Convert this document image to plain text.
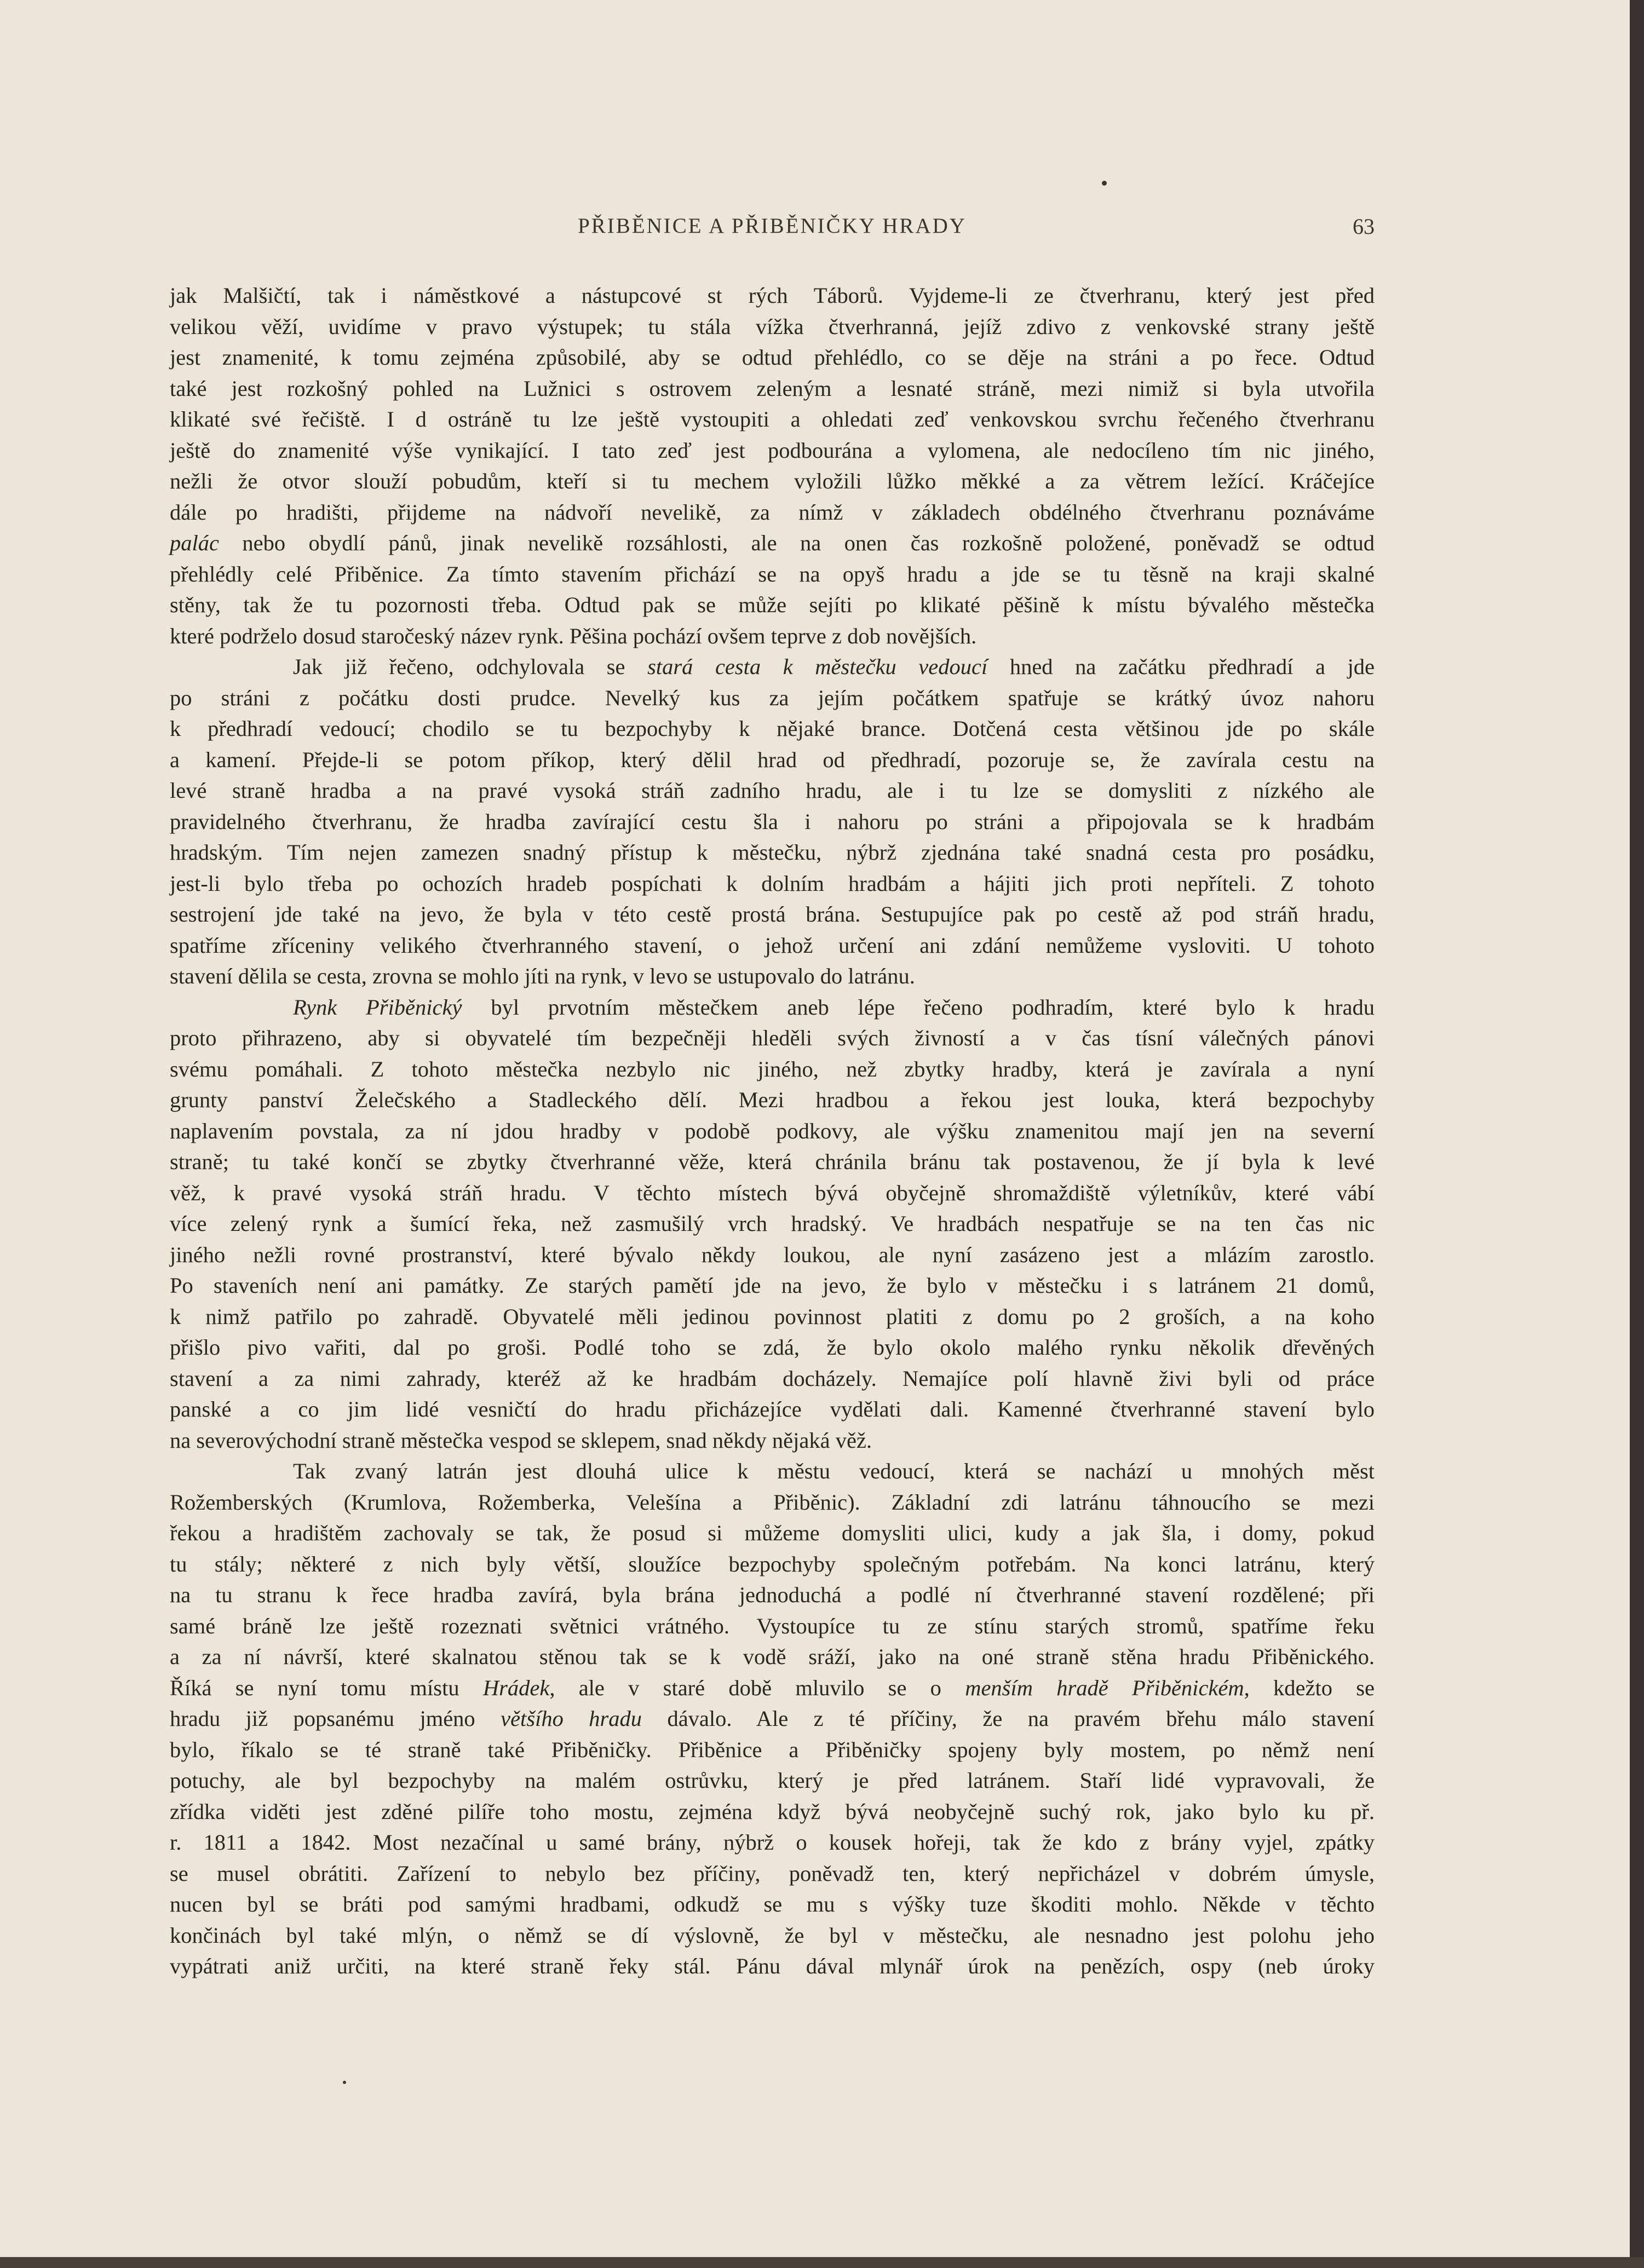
PŘIBĚNICE A PŘIBĚNIČKY HRADY	63

jak Malšičtí, tak i náměstkové a nástupcové st rých Táborů. Vyjdeme-li ze čtverhranu, který jest před
velikou věží, uvidíme v pravo výstupek; tu stála vížka čtverhranná, jejíž zdivo z venkovské strany ještě
jest znamenité, k tomu zejména způsobilé, aby se odtud přehlédlo, co se děje na stráni a po řece. Odtud
také jest rozkošný pohled na Lužnici s ostrovem zeleným a lesnaté stráně, mezi nimiž si byla utvořila
klikaté své řečiště. I d ostráně tu lze ještě vystoupiti a ohledati zeď venkovskou svrchu řečeného čtverhranu
ještě do znamenité výše vynikající. I tato zeď jest podbourána a vylomena, ale nedocíleno tím nic jiného,
nežli že otvor slouží pobudům, kteří si tu mechem vyložili lůžko měkké a za větrem ležící. Kráčejíce
dále po hradišti, přijdeme na nádvoří nevelikě, za nímž v základech obdélného čtverhranu poznáváme
palác nebo obydlí pánů, jinak nevelikě rozsáhlosti, ale na onen čas rozkošně položené, poněvadž se odtud
přehlédly celé Přiběnice. Za tímto stavením přichází se na opyš hradu a jde se tu těsně na kraji skalné
stěny, tak že tu pozornosti třeba. Odtud pak se může sejíti po klikaté pěšině k místu bývalého městečka
které podrželo dosud staročeský název rynk. Pěšina pochází ovšem teprve z dob novějších.

Jak již řečeno, odchylovala se stará cesta k městečku vedoucí hned na začátku předhradí a jde
po stráni z počátku dosti prudce. Nevelký kus za jejím počátkem spatřuje se krátký úvoz nahoru
k předhradí vedoucí; chodilo se tu bezpochyby k nějaké brance. Dotčená cesta většinou jde po skále
a kamení. Přejde-li se potom příkop, který dělil hrad od předhradí, pozoruje se, že zavírala cestu na
levé straně hradba a na pravé vysoká stráň zadního hradu, ale i tu lze se domysliti z nízkého ale
pravidelného čtverhranu, že hradba zavírající cestu šla i nahoru po stráni a připojovala se k hradbám
hradským. Tím nejen zamezen snadný přístup k městečku, nýbrž zjednána také snadná cesta pro posádku,
jest-li bylo třeba po ochozích hradeb pospíchati k dolním hradbám a hájiti jich proti nepříteli. Z tohoto
sestrojení jde také na jevo, že byla v této cestě prostá brána. Sestupujíce pak po cestě až pod stráň hradu,
spatříme zříceniny velikého čtverhranného stavení, o jehož určení ani zdání nemůžeme vysloviti. U tohoto
stavení dělila se cesta, zrovna se mohlo jíti na rynk, v levo se ustupovalo do latránu.

Rynk Přiběnický byl prvotním městečkem aneb lépe řečeno podhradím, které bylo k hradu
proto přihrazeno, aby si obyvatelé tím bezpečněji hleděli svých živností a v čas tísní válečných pánovi
svému pomáhali. Z tohoto městečka nezbylo nic jiného, než zbytky hradby, která je zavírala a nyní
grunty panství Želečského a Stadleckého dělí. Mezi hradbou a řekou jest louka, která bezpochyby
naplavením povstala, za ní jdou hradby v podobě podkovy, ale výšku znamenitou mají jen na severní
straně; tu také končí se zbytky čtverhranné věže, která chránila bránu tak postavenou, že jí byla k levé
věž, k pravé vysoká stráň hradu. V těchto místech bývá obyčejně shromaždiště výletníkův, které vábí
více zelený rynk a šumící řeka, než zasmušilý vrch hradský. Ve hradbách nespatřuje se na ten čas nic
jiného nežli rovné prostranství, které bývalo někdy loukou, ale nyní zasázeno jest a mlázím zarostlo.
Po staveních není ani památky. Ze starých pamětí jde na jevo, že bylo v městečku i s latránem 21 domů,
k nimž patřilo po zahradě. Obyvatelé měli jedinou povinnost platiti z domu po 2 groších, a na koho
přišlo pivo vařiti, dal po groši. Podlé toho se zdá, že bylo okolo malého rynku několik dřevěných
stavení a za nimi zahrady, kteréž až ke hradbám docházely. Nemajíce polí hlavně živi byli od práce
panské a co jim lidé vesničtí do hradu přicházejíce vydělati dali. Kamenné čtverhranné stavení bylo
na severovýchodní straně městečka vespod se sklepem, snad někdy nějaká věž.

Tak zvaný latrán jest dlouhá ulice k městu vedoucí, která se nachází u mnohých měst
Rožemberských (Krumlova, Rožemberka, Velešína a Přiběnic). Základní zdi latránu táhnoucího se mezi
řekou a hradištěm zachovaly se tak, že posud si můžeme domysliti ulici, kudy a jak šla, i domy, pokud
tu stály; některé z nich byly větší, sloužíce bezpochyby společným potřebám. Na konci latránu, který
na tu stranu k řece hradba zavírá, byla brána jednoduchá a podlé ní čtverhranné stavení rozdělené; při
samé bráně lze ještě rozeznati světnici vrátného. Vystoupíce tu ze stínu starých stromů, spatříme řeku
a za ní návrší, které skalnatou stěnou tak se k vodě sráží, jako na oné straně stěna hradu Přiběnického.
Říká se nyní tomu místu Hrádek, ale v staré době mluvilo se o menším hradě Přiběnickém, kdežto se
hradu již popsanému jméno většího hradu dávalo. Ale z té příčiny, že na pravém břehu málo stavení
bylo, říkalo se té straně také Přiběničky. Přiběnice a Přiběničky spojeny byly mostem, po němž není
potuchy, ale byl bezpochyby na malém ostrůvku, který je před latránem. Staří lidé vypravovali, že
zřídka viděti jest zděné pilíře toho mostu, zejména když bývá neobyčejně suchý rok, jako bylo ku př.
r. 1811 a 1842. Most nezačínal u samé brány, nýbrž o kousek hořeji, tak že kdo z brány vyjel, zpátky
se musel obrátiti. Zařízení to nebylo bez příčiny, poněvadž ten, který nepřicházel v dobrém úmysle,
nucen byl se bráti pod samými hradbami, odkudž se mu s výšky tuze škoditi mohlo. Někde v těchto
končinách byl také mlýn, o němž se dí výslovně, že byl v městečku, ale nesnadno jest polohu jeho
vypátrati aniž určiti, na které straně řeky stál. Pánu dával mlynář úrok na penězích, ospy (neb úroky
